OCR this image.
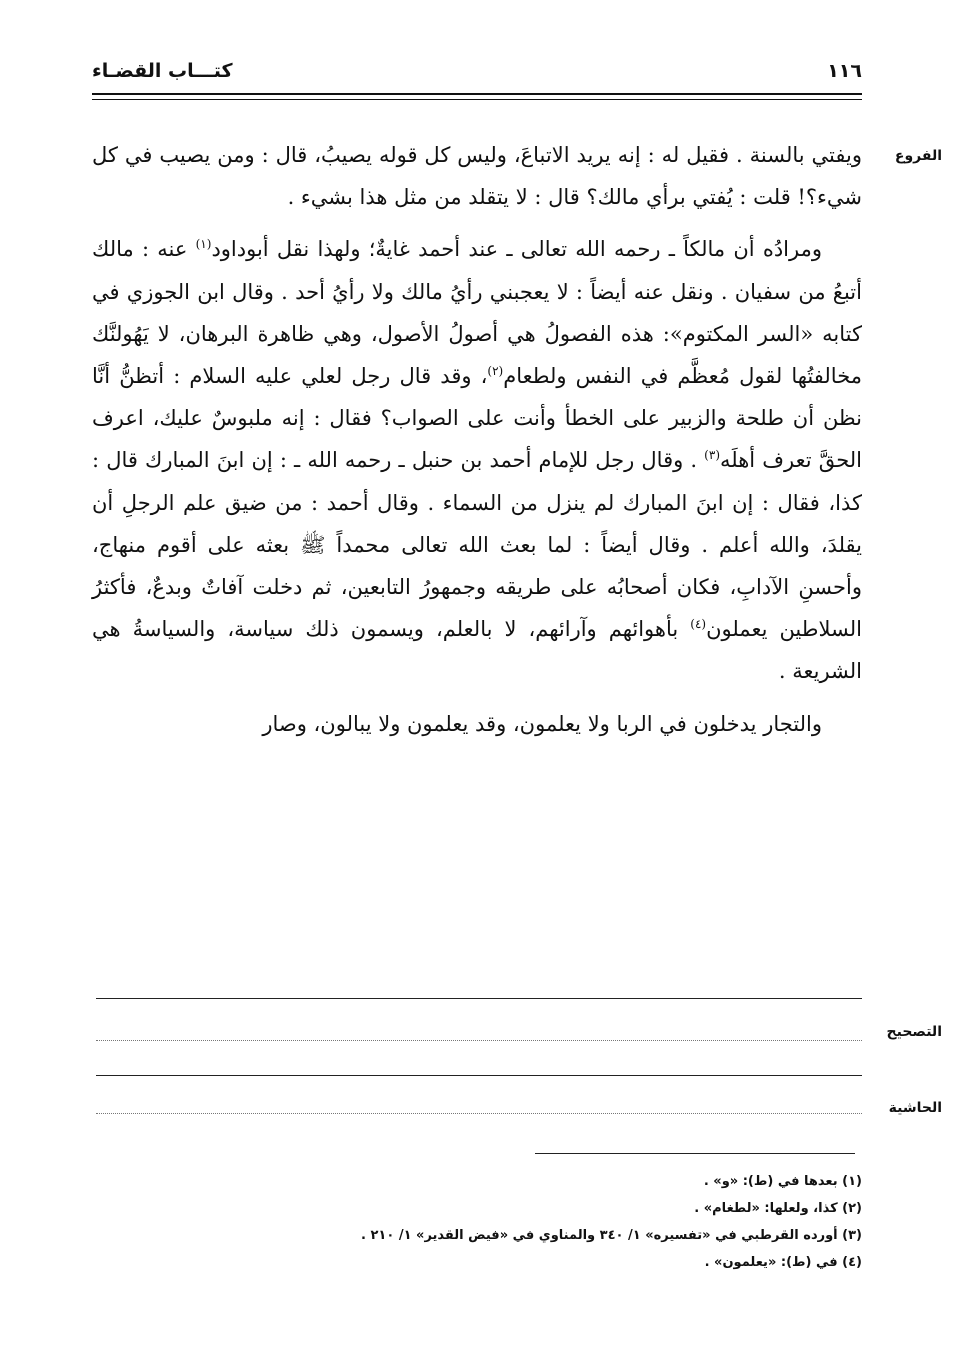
كتـــاب القضـاء	١١٦
الفروع

ويفتي بالسنة . فقيل له : إنه يريد الاتباعَ، وليس كل قوله يصيبُ، قال : ومن يصيب في كل شيء؟! قلت : يُفتي برأي مالك؟ قال : لا يتقلد من مثل هذا بشيء .

ومرادُه أن مالكاً ـ رحمه الله تعالى ـ عند أحمد غايةٌ؛ ولهذا نقل أبوداود$^{(١)}$ عنه : مالك أتبعُ من سفيان . ونقل عنه أيضاً : لا يعجبني رأيُ مالك ولا رأيُ أحد . وقال ابن الجوزي في كتابه «السر المكتوم»: هذه الفصولُ هي أصولُ الأصول، وهي ظاهرة البرهان، لا يَهُولنَّك مخالفتُها لقول مُعظَّم في النفس ولطعام$^{(٢)}$، وقد قال رجل لعلي عليه السلام : أتظنُّ أنَّا نظن أن طلحة والزبير على الخطأ وأنت على الصواب؟ فقال : إنه ملبوسٌ عليك، اعرف الحقَّ تعرف أهلَه$^{(٣)}$ . وقال رجل للإمام أحمد بن حنبل ـ رحمه الله ـ : إن ابنَ المبارك قال : كذا، فقال : إن ابنَ المبارك لم ينزل من السماء . وقال أحمد : من ضيق علم الرجلِ أن يقلدَ، والله أعلم . وقال أيضاً : لما بعث الله تعالى محمداً ﷺ بعثه على أقوم منهاج، وأحسنِ الآدابِ، فكان أصحابُه على طريقه وجمهورُ التابعين، ثم دخلت آفاتٌ وبدعٌ، فأكثرُ السلاطين يعملون$^{(٤)}$ بأهوائهم وآرائهم، لا بالعلم، ويسمون ذلك سياسة، والسياسةُ هي الشريعة .

والتجار يدخلون في الربا ولا يعلمون، وقد يعلمون ولا يبالون، وصار

التصحيح
الحاشية
(١) بعدها في (ط): «و» .
(٢) كذا، ولعلها: «لطغام» .
(٣) أورده القرطبي في «تفسيره» ١/ ٣٤٠ والمناوي في «فيض القدير» ١/ ٢١٠ .
(٤) في (ط): «يعلمون» .
